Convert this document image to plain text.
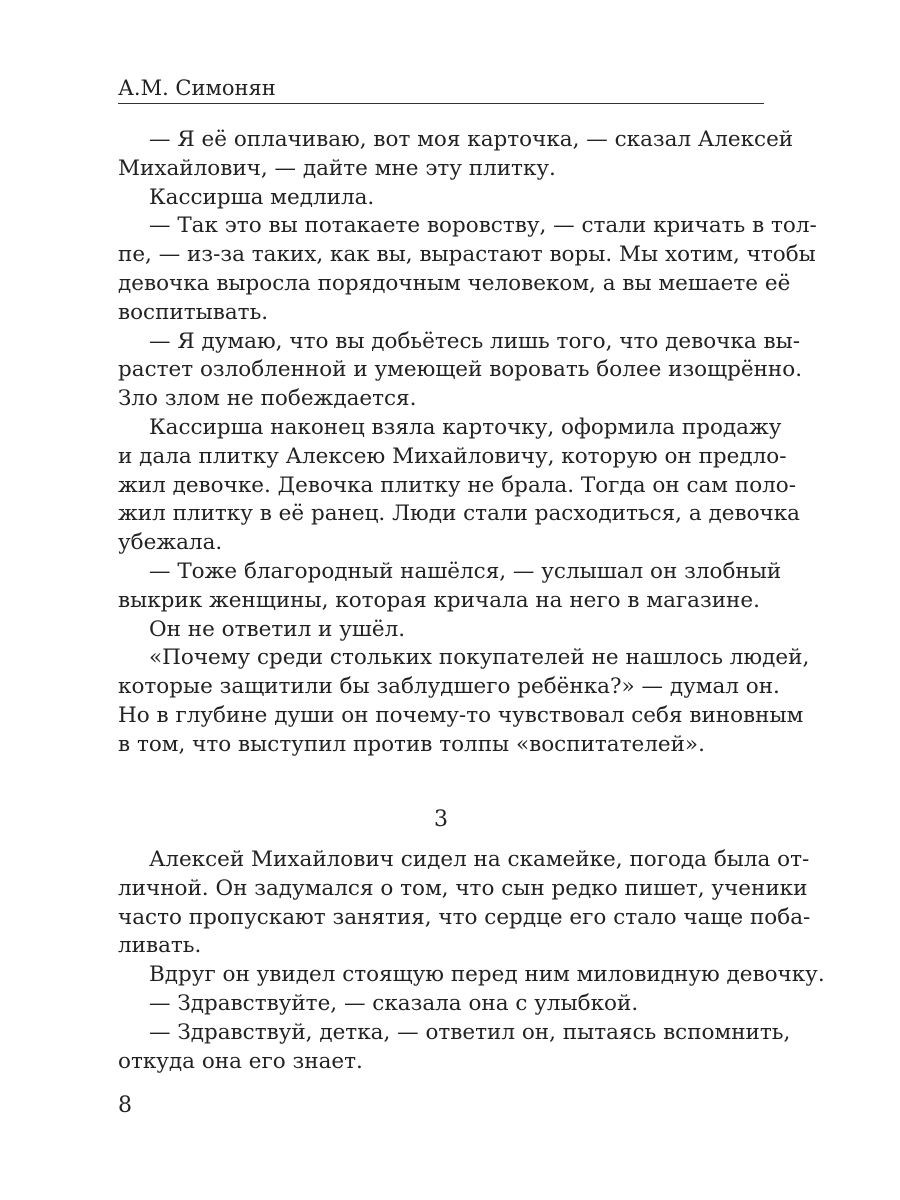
А.М. Симонян
— Я её оплачиваю, вот моя карточка, — сказал Алексей
Михайлович, — дайте мне эту плитку.
Кассирша медлила.
— Так это вы потакаете воровству, — стали кричать в тол-
пе, — из-за таких, как вы, вырастают воры. Мы хотим, чтобы
девочка выросла порядочным человеком, а вы мешаете её
воспитывать.
— Я думаю, что вы добьётесь лишь того, что девочка вы-
растет озлобленной и умеющей воровать более изощрённо.
Зло злом не побеждается.
Кассирша наконец взяла карточку, оформила продажу
и дала плитку Алексею Михайловичу, которую он предло-
жил девочке. Девочка плитку не брала. Тогда он сам поло-
жил плитку в её ранец. Люди стали расходиться, а девочка
убежала.
— Тоже благородный нашёлся, — услышал он злобный
выкрик женщины, которая кричала на него в магазине.
Он не ответил и ушёл.
«Почему среди стольких покупателей не нашлось людей,
которые защитили бы заблудшего ребёнка?» — думал он.
Но в глубине души он почему-то чувствовал себя виновным
в том, что выступил против толпы «воспитателей».
3
Алексей Михайлович сидел на скамейке, погода была от-
личной. Он задумался о том, что сын редко пишет, ученики
часто пропускают занятия, что сердце его стало чаще поба-
ливать.
Вдруг он увидел стоящую перед ним миловидную девочку.
— Здравствуйте, — сказала она с улыбкой.
— Здравствуй, детка, — ответил он, пытаясь вспомнить,
откуда она его знает.
8
